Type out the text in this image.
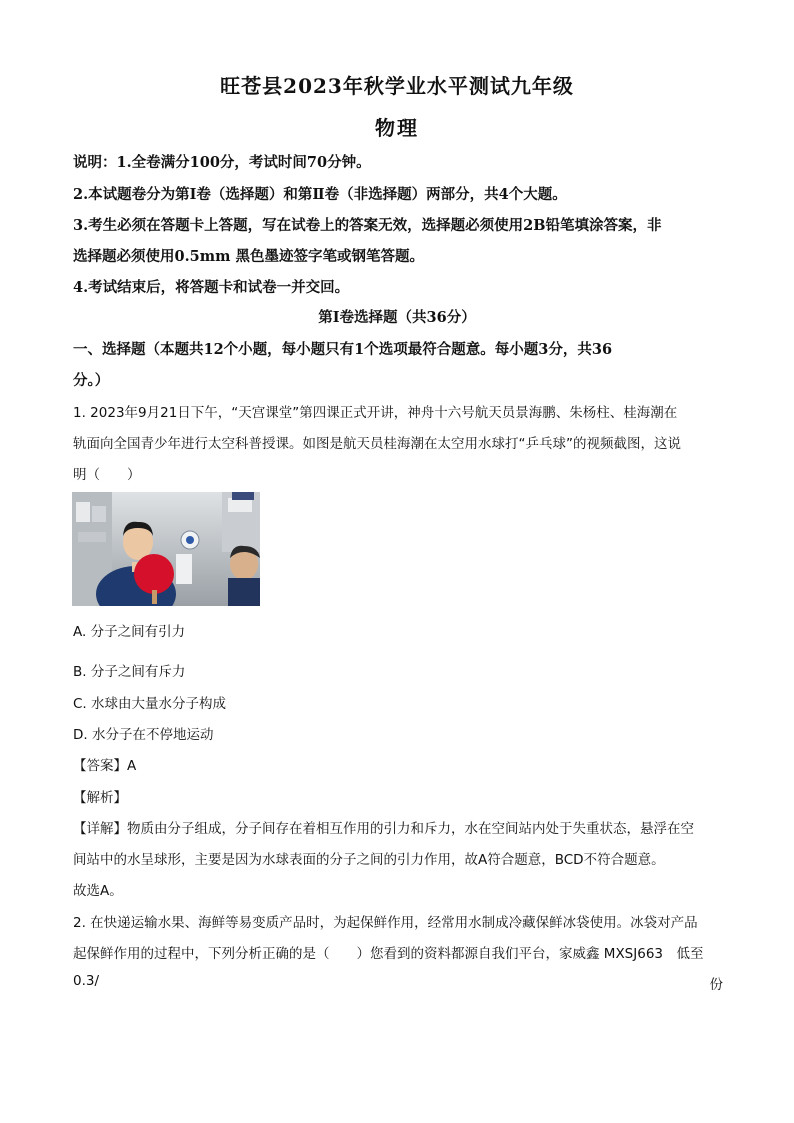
旺苍县2023年秋学业水平测试九年级
物理
说明：1.全卷满分100分，考试时间70分钟。
2.本试题卷分为第Ⅰ卷（选择题）和第Ⅱ卷（非选择题）两部分，共4个大题。
3.考生必须在答题卡上答题，写在试卷上的答案无效，选择题必须使用2B铅笔填涂答案，非
选择题必须使用0.5mm 黑色墨迹签字笔或钢笔答题。
4.考试结束后，将答题卡和试卷一并交回。
第Ⅰ卷选择题（共36分）
一、选择题（本题共12个小题，每小题只有1个选项最符合题意。每小题3分，共36
分。）
1. 2023年9月21日下午，“天宫课堂”第四课正式开讲，神舟十六号航天员景海鹏、朱杨柱、桂海潮在
轨面向全国青少年进行太空科普授课。如图是航天员桂海潮在太空用水球打“乒乓球”的视频截图，这说
明（　　）
A. 分子之间有引力
B. 分子之间有斥力
C. 水球由大量水分子构成
D. 水分子在不停地运动
【答案】A
【解析】
【详解】物质由分子组成，分子间存在着相互作用的引力和斥力，水在空间站内处于失重状态，悬浮在空
间站中的水呈球形，主要是因为水球表面的分子之间的引力作用，故A符合题意，BCD不符合题意。
故选A。
2. 在快递运输水果、海鲜等易变质产品时，为起保鲜作用，经常用水制成冷藏保鲜冰袋使用。冰袋对产品
起保鲜作用的过程中，下列分析正确的是（　　）您看到的资料都源自我们平台，家威鑫 MXSJ663　低至
0.3/	份
